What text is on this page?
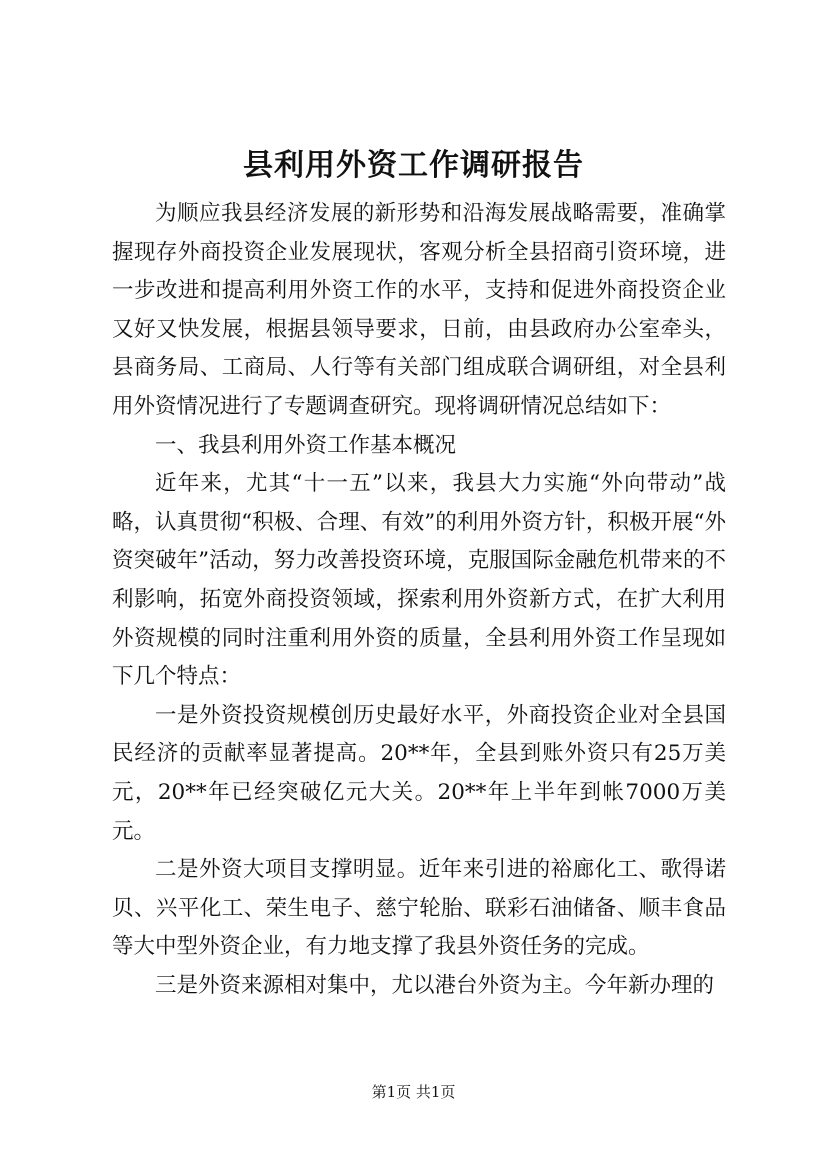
县利用外资工作调研报告

为顺应我县经济发展的新形势和沿海发展战略需要，准确掌握现存外商投资企业发展现状，客观分析全县招商引资环境，进一步改进和提高利用外资工作的水平，支持和促进外商投资企业又好又快发展，根据县领导要求，日前，由县政府办公室牵头，县商务局、工商局、人行等有关部门组成联合调研组，对全县利用外资情况进行了专题调查研究。现将调研情况总结如下：

一、我县利用外资工作基本概况

近年来，尤其“十一五”以来，我县大力实施“外向带动”战略，认真贯彻“积极、合理、有效”的利用外资方针，积极开展“外资突破年”活动，努力改善投资环境，克服国际金融危机带来的不利影响，拓宽外商投资领域，探索利用外资新方式，在扩大利用外资规模的同时注重利用外资的质量，全县利用外资工作呈现如下几个特点：

一是外资投资规模创历史最好水平，外商投资企业对全县国民经济的贡献率显著提高。20**年，全县到账外资只有25万美元，20**年已经突破亿元大关。20**年上半年到帐7000万美元。

二是外资大项目支撑明显。近年来引进的裕廊化工、歌得诺贝、兴平化工、荣生电子、慈宁轮胎、联彩石油储备、顺丰食品等大中型外资企业，有力地支撑了我县外资任务的完成。

三是外资来源相对集中，尤以港台外资为主。今年新办理的

第1页 共1页
